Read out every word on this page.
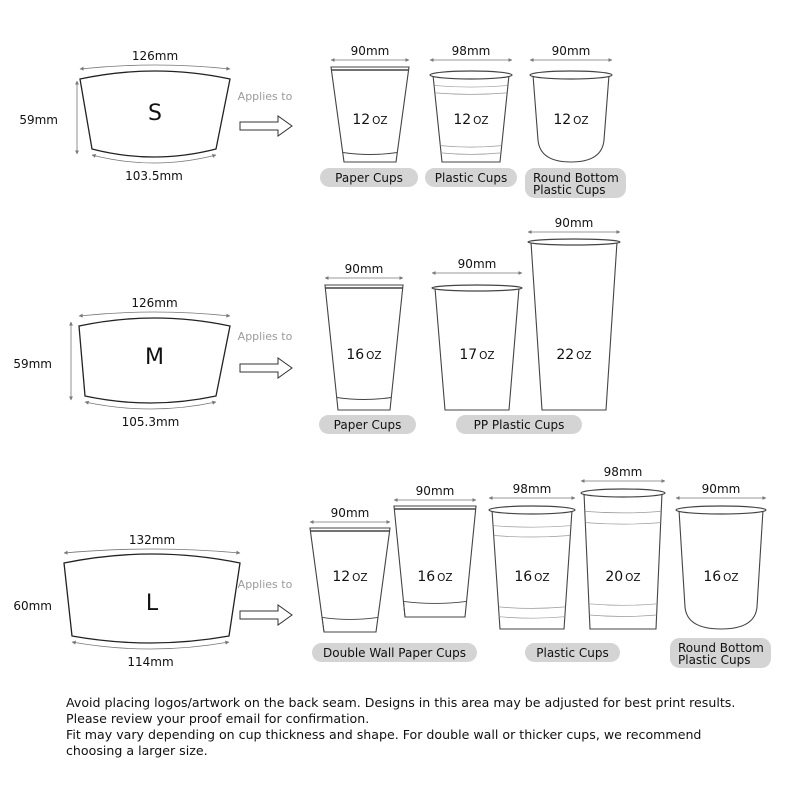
126mm
103.5mm
59mm	S
Applies to
90mm
12 OZ
98mm
12 OZ
90mm
12 OZ
Paper Cups	Plastic Cups Round Bottom
Plastic Cups
126mm
105.3mm
59mm	M
Applies to
90mm
16 OZ
90mm
17 OZ
90mm
22 OZ
Paper Cups	PP Plastic Cups
132mm
114mm
60mm	L
Applies to
90mm
12 OZ
90mm
16 OZ
98mm
16 OZ
98mm
20 OZ
90mm
16 OZ
Double Wall Paper Cups	Plastic Cups	Round Bottom
Plastic Cups

Avoid placing logos/artwork on the back seam. Designs in this area may be adjusted for best print results. Please review your proof email for confirmation.

Fit may vary depending on cup thickness and shape. For double wall or thicker cups, we recommend choosing a larger size.
